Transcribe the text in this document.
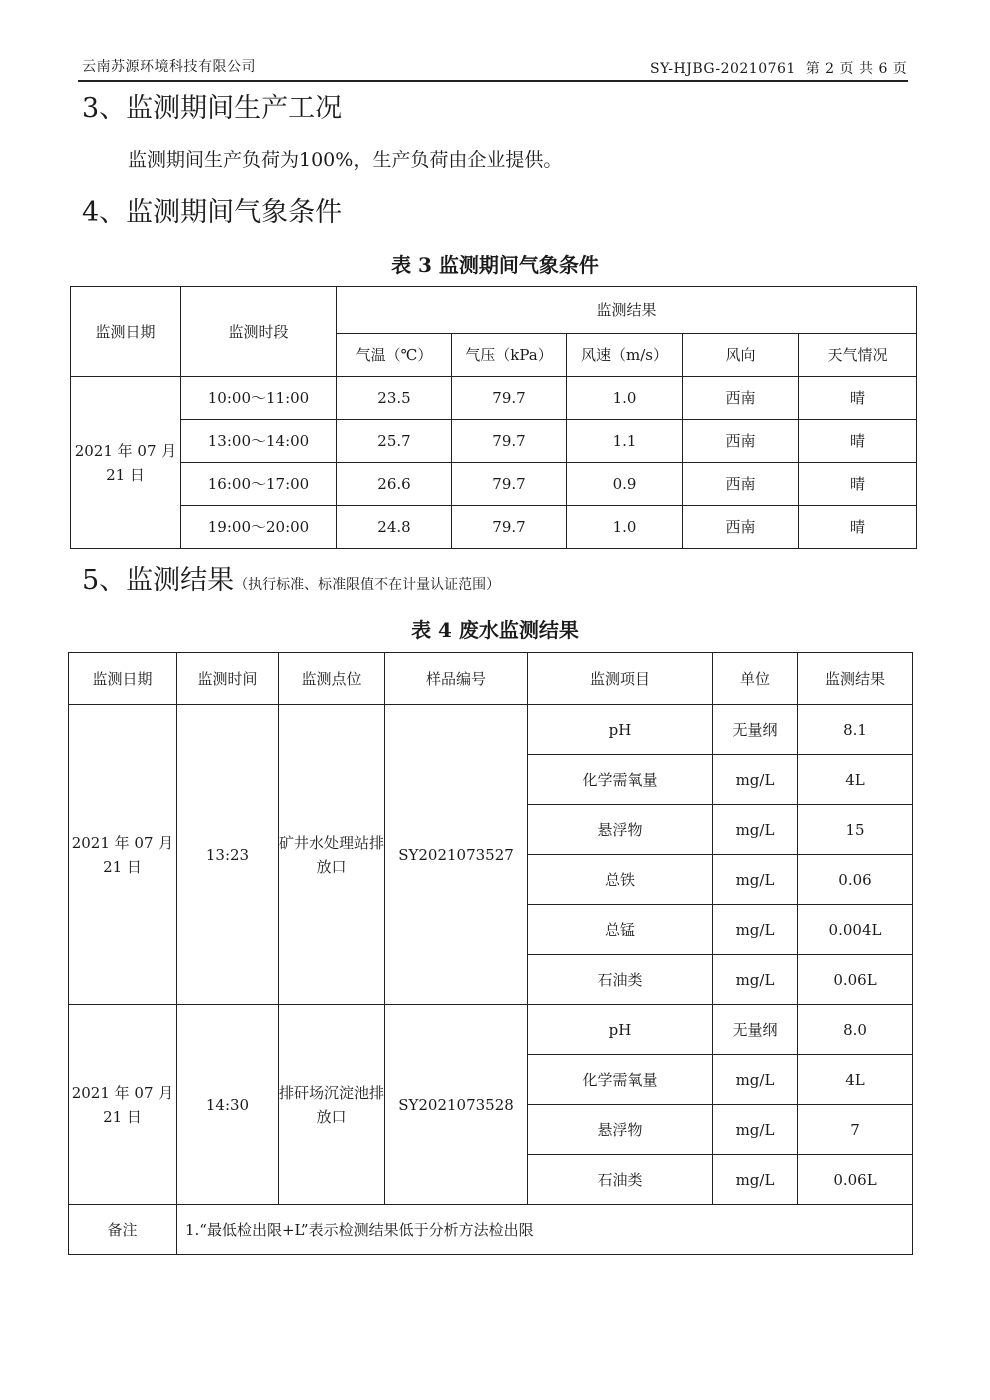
云南苏源环境科技有限公司	SY-HJBG-20210761 第 2 页 共 6 页
3、监测期间生产工况
监测期间生产负荷为100%，生产负荷由企业提供。
4、监测期间气象条件
表 3 监测期间气象条件
监测日期	监测时段	监测结果				
		气温（℃）	气压（kPa）	风速（m/s）	风向	天气情况
2021 年 07 月 21 日	10:00～11:00	23.5	79.7	1.0	西南	晴
	13:00～14:00	25.7	79.7	1.1	西南	晴
	16:00～17:00	26.6	79.7	0.9	西南	晴
	19:00～20:00	24.8	79.7	1.0	西南	晴
5、监测结果（执行标准、标准限值不在计量认证范围）
表 4 废水监测结果
监测日期	监测时间	监测点位	样品编号	监测项目	单位	监测结果
2021 年 07 月 21 日	13:23	矿井水处理站排放口	SY2021073527	pH	无量纲	8.1
				化学需氧量	mg/L	4L
				悬浮物	mg/L	15
				总铁	mg/L	0.06
				总锰	mg/L	0.004L
				石油类	mg/L	0.06L
2021 年 07 月 21 日	14:30	排矸场沉淀池排放口	SY2021073528	pH	无量纲	8.0
				化学需氧量	mg/L	4L
				悬浮物	mg/L	7
				石油类	mg/L	0.06L
备注	1.“最低检出限+L”表示检测结果低于分析方法检出限					
